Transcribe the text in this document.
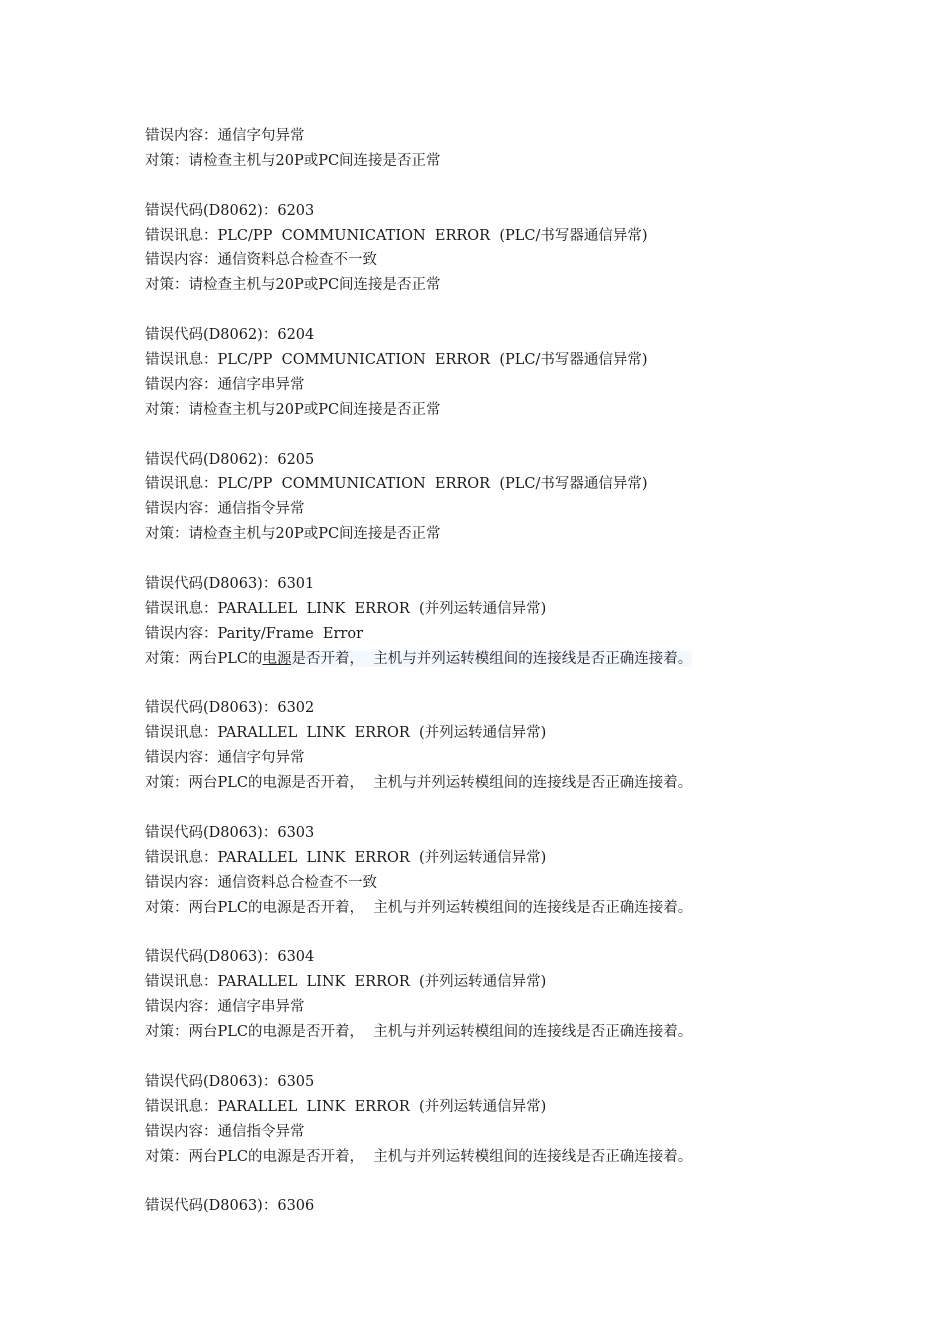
错误内容：通信字句异常
对策：请检查主机与20P或PC间连接是否正常
错误代码(D8062)：6203
错误讯息：PLC/PP  COMMUNICATION  ERROR  (PLC/书写器通信异常)
错误内容：通信资料总合检查不一致
对策：请检查主机与20P或PC间连接是否正常
错误代码(D8062)：6204
错误讯息：PLC/PP  COMMUNICATION  ERROR  (PLC/书写器通信异常)
错误内容：通信字串异常
对策：请检查主机与20P或PC间连接是否正常
错误代码(D8062)：6205
错误讯息：PLC/PP  COMMUNICATION  ERROR  (PLC/书写器通信异常)
错误内容：通信指令异常
对策：请检查主机与20P或PC间连接是否正常
错误代码(D8063)：6301
错误讯息：PARALLEL  LINK  ERROR  (并列运转通信异常)
错误内容：Parity/Frame  Error
对策：两台PLC的电源是否开着，  主机与并列运转模组间的连接线是否正确连接着。
错误代码(D8063)：6302
错误讯息：PARALLEL  LINK  ERROR  (并列运转通信异常)
错误内容：通信字句异常
对策：两台PLC的电源是否开着，  主机与并列运转模组间的连接线是否正确连接着。
错误代码(D8063)：6303
错误讯息：PARALLEL  LINK  ERROR  (并列运转通信异常)
错误内容：通信资料总合检查不一致
对策：两台PLC的电源是否开着，  主机与并列运转模组间的连接线是否正确连接着。
错误代码(D8063)：6304
错误讯息：PARALLEL  LINK  ERROR  (并列运转通信异常)
错误内容：通信字串异常
对策：两台PLC的电源是否开着，  主机与并列运转模组间的连接线是否正确连接着。
错误代码(D8063)：6305
错误讯息：PARALLEL  LINK  ERROR  (并列运转通信异常)
错误内容：通信指令异常
对策：两台PLC的电源是否开着，  主机与并列运转模组间的连接线是否正确连接着。
错误代码(D8063)：6306
